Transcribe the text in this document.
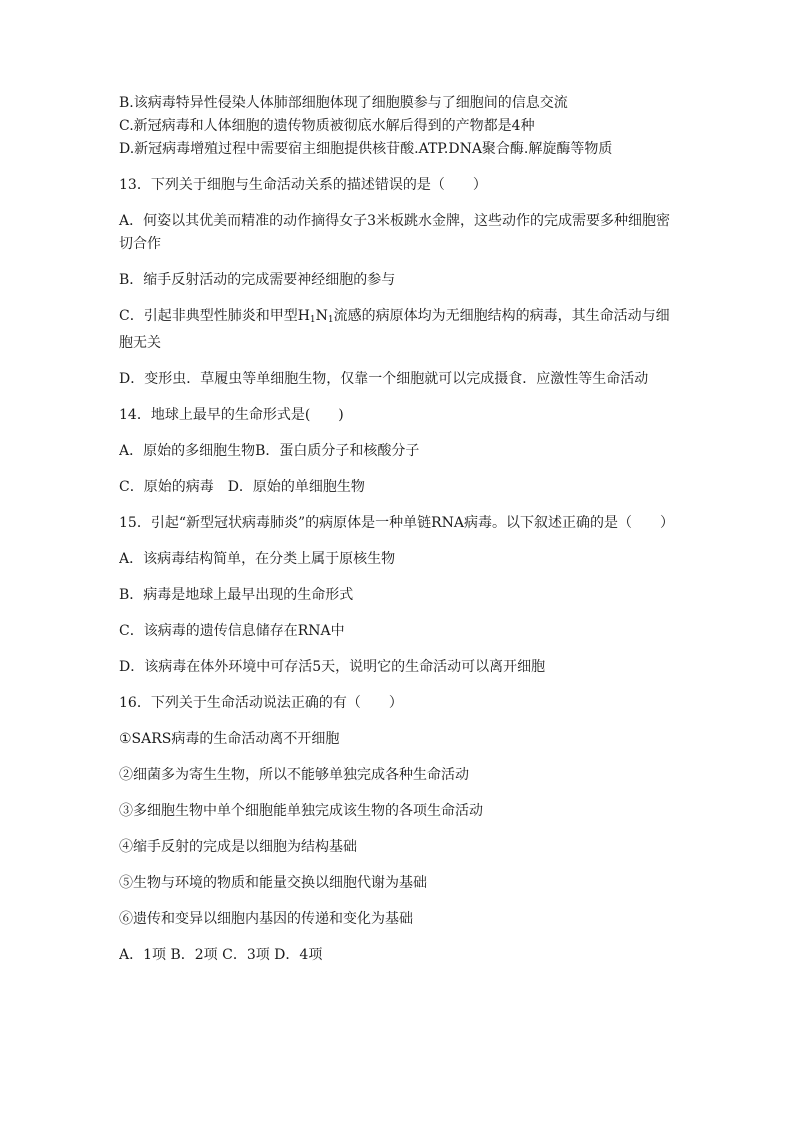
B.该病毒特异性侵染人体肺部细胞体现了细胞膜参与了细胞间的信息交流
C.新冠病毒和人体细胞的遗传物质被彻底水解后得到的产物都是4种
D.新冠病毒增殖过程中需要宿主细胞提供核苷酸.ATP.DNA聚合酶.解旋酶等物质
13．下列关于细胞与生命活动关系的描述错误的是（　　）
A．何姿以其优美而精准的动作摘得女子3米板跳水金牌，这些动作的完成需要多种细胞密切合作
B．缩手反射活动的完成需要神经细胞的参与
C．引起非典型性肺炎和甲型$H_1N_1$流感的病原体均为无细胞结构的病毒，其生命活动与细胞无关
D．变形虫．草履虫等单细胞生物，仅靠一个细胞就可以完成摄食．应激性等生命活动
14．地球上最早的生命形式是(　　)
A．原始的多细胞生物B．蛋白质分子和核酸分子
C．原始的病毒　D．原始的单细胞生物
15．引起“新型冠状病毒肺炎”的病原体是一种单链RNA病毒。以下叙述正确的是（　　）
A．该病毒结构简单，在分类上属于原核生物
B．病毒是地球上最早出现的生命形式
C．该病毒的遗传信息储存在RNA中
D．该病毒在体外环境中可存活5天，说明它的生命活动可以离开细胞
16．下列关于生命活动说法正确的有（　　）
①SARS病毒的生命活动离不开细胞
②细菌多为寄生生物，所以不能够单独完成各种生命活动
③多细胞生物中单个细胞能单独完成该生物的各项生命活动
④缩手反射的完成是以细胞为结构基础
⑤生物与环境的物质和能量交换以细胞代谢为基础
⑥遗传和变异以细胞内基因的传递和变化为基础
A．1项 B．2项 C．3项 D．4项
